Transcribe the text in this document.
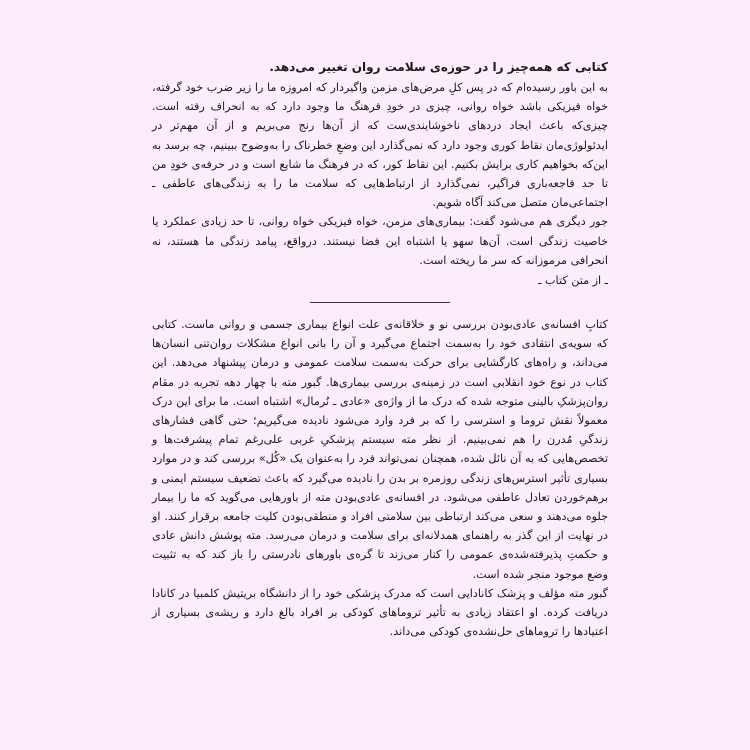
کتابی که همه‌چیز را در حوزه‌ی سلامت روان تغییر می‌دهد.

به این باور رسیده‌ام که در پس کلِ مرض‌های مزمن واگیردار که امروزه ما را زیر ضرب خود گرفته، خواه فیزیکی باشد خواه روانی، چیزی در خودِ فرهنگ ما وجود دارد که به انحراف رفته است. چیزی‌که باعث ایجاد دردهای ناخوشایندی‌ست که از آن‌ها رنج می‌بریم و از آن مهم‌تر در ایدئولوژی‌مان نقاط کوری وجود دارد که نمی‌گذارد این وضعِ خطرناک را به‌وضوح ببینیم، چه برسد به این‌که بخواهیم کاری برایش بکنیم. این نقاط کور، که در فرهنگ ما شایع است و در حرفه‌ی خودِ من تا حد فاجعه‌باری فراگیر، نمی‌گذارد از ارتباط‌هایی که سلامت ما را به زندگی‌های عاطفی ـ اجتماعی‌مان متصل می‌کند آگاه شویم.

جور دیگری هم می‌شود گفت: بیماری‌های مزمن، خواه فیزیکی خواه روانی، تا حد زیادی عملکرد یا خاصیت زندگی است. آن‌ها سهو یا اشتباه این فضا نیستند. درواقع، پیامد زندگی ما هستند، نه انحرافی مرموزانه که سر ما ریخته است.

ـ از متن کتاب ـ

کتابِ افسانه‌ی عادی‌بودن بررسی نو و خلاقانه‌ی علت انواع بیماری جسمی و روانی ماست. کتابی که سویه‌ی انتقادی خود را به‌سمت اجتماع می‌گیرد و آن را بانی انواع مشکلات روان‌تنی انسان‌ها می‌داند، و راه‌های کارگشایی برای حرکت به‌سمت سلامت عمومی و درمان پیشنهاد می‌دهد. این کتاب در نوع خود انقلابی است در زمینه‌ی بررسی بیماری‌ها. گبور مته با چهار دهه تجربه در مقام روان‌پزشکِ بالینی متوجه شده که درک ما از واژه‌ی «عادی ـ نُرمال» اشتباه است. ما برای این درک معمولاً نقش تروما و استرسی را که بر فرد وارد می‌شود نادیده می‌گیریم؛ حتی گاهی فشارهای زندگیِ مُدرن را هم نمی‌بینیم. از نظر مته سیستم پزشکیِ غربی علی‌رغم تمام پیشرفت‌ها و تخصص‌هایی که به آن نائل شده، همچنان نمی‌تواند فرد را به‌عنوان یک «کُل» بررسی کند و در موارد بسیاری تأثیر استرس‌های زندگی روزمره بر بدن را نادیده می‌گیرد که باعث تضعیف سیستم ایمنی و برهم‌خوردن تعادل عاطفی می‌شود. در افسانه‌ی عادی‌بودن مته از باورهایی می‌گوید که ما را بیمار جلوه می‌دهند و سعی می‌کند ارتباطی بین سلامتی افراد و منطقی‌بودن کلیت جامعه برقرار کنند. او در نهایت از این گذر به راهنمای همدلانه‌ای برای سلامت و درمان می‌رسد. مته پوشش دانش عادی و حکمتِ پذیرفته‌شده‌ی عمومی را کنار می‌زند تا گره‌ی باورهای نادرستی را باز کند که به تثبیت وضع موجود منجر شده است.

گبور مته مؤلف و پزشک کانادایی است که مدرک پزشکی خود را از دانشگاه بریتیش کلمبیا در کانادا دریافت کرده. او اعتقاد زیادی به تأثیر تروماهای کودکی بر افراد بالغ دارد و ریشه‌ی بسیاری از اعتیادها را تروماهای حل‌نشده‌ی کودکی می‌داند.
